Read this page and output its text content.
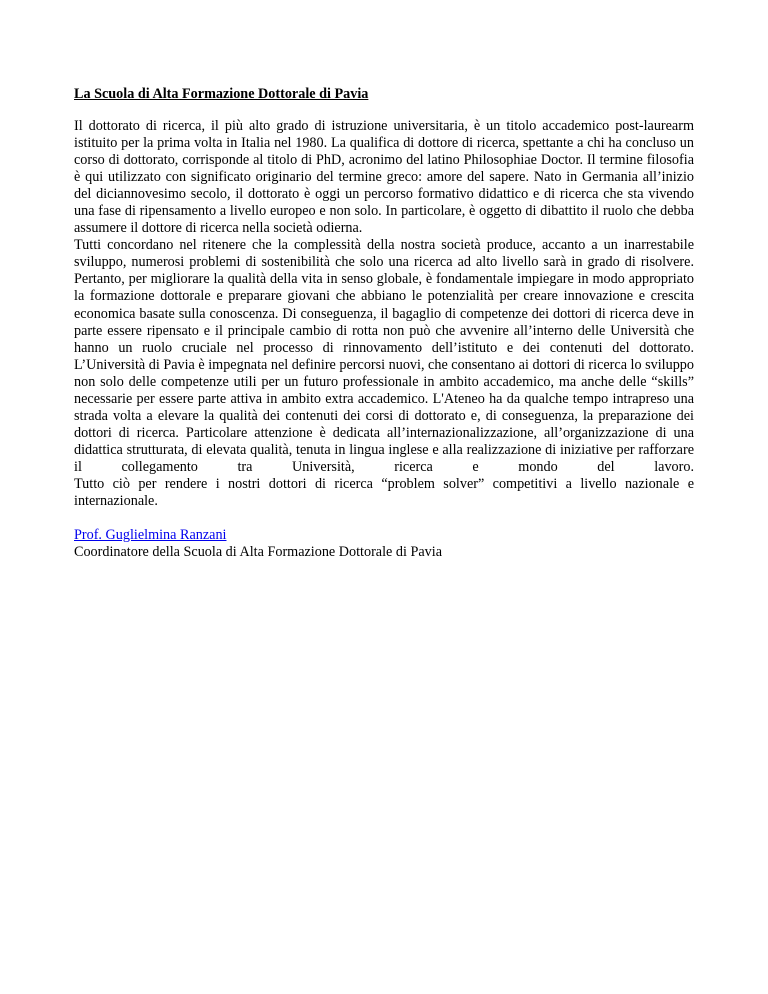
La Scuola di Alta Formazione Dottorale di Pavia

Il dottorato di ricerca, il più alto grado di istruzione universitaria, è un titolo accademico post-laurearm istituito per la prima volta in Italia nel 1980. La qualifica di dottore di ricerca, spettante a chi ha concluso un corso di dottorato, corrisponde al titolo di PhD, acronimo del latino Philosophiae Doctor. Il termine filosofia è qui utilizzato con significato originario del termine greco: amore del sapere. Nato in Germania all’inizio del diciannovesimo secolo, il dottorato è oggi un percorso formativo didattico e di ricerca che sta vivendo una fase di ripensamento a livello europeo e non solo. In particolare, è oggetto di dibattito il ruolo che debba assumere il dottore di ricerca nella società odierna.

Tutti concordano nel ritenere che la complessità della nostra società produce, accanto a un inarrestabile sviluppo, numerosi problemi di sostenibilità che solo una ricerca ad alto livello sarà in grado di risolvere. Pertanto, per migliorare la qualità della vita in senso globale, è fondamentale impiegare in modo appropriato la formazione dottorale e preparare giovani che abbiano le potenzialità per creare innovazione e crescita economica basate sulla conoscenza. Di conseguenza, il bagaglio di competenze dei dottori di ricerca deve in parte essere ripensato e il principale cambio di rotta non può che avvenire all’interno delle Università che hanno un ruolo cruciale nel processo di rinnovamento dell’istituto e dei contenuti del dottorato.

L’Università di Pavia è impegnata nel definire percorsi nuovi, che consentano ai dottori di ricerca lo sviluppo non solo delle competenze utili per un futuro professionale in ambito accademico, ma anche delle “skills” necessarie per essere parte attiva in ambito extra accademico. L'Ateneo ha da qualche tempo intrapreso una strada volta a elevare la qualità dei contenuti dei corsi di dottorato e, di conseguenza, la preparazione dei dottori di ricerca. Particolare attenzione è dedicata all’internazionalizzazione, all’organizzazione di una didattica strutturata, di elevata qualità, tenuta in lingua inglese e alla realizzazione di iniziative per rafforzare il collegamento tra Università, ricerca e mondo del lavoro.

Tutto ciò per rendere i nostri dottori di ricerca “problem solver” competitivi a livello nazionale e internazionale.

Prof. Guglielmina Ranzani
Coordinatore della Scuola di Alta Formazione Dottorale di Pavia
